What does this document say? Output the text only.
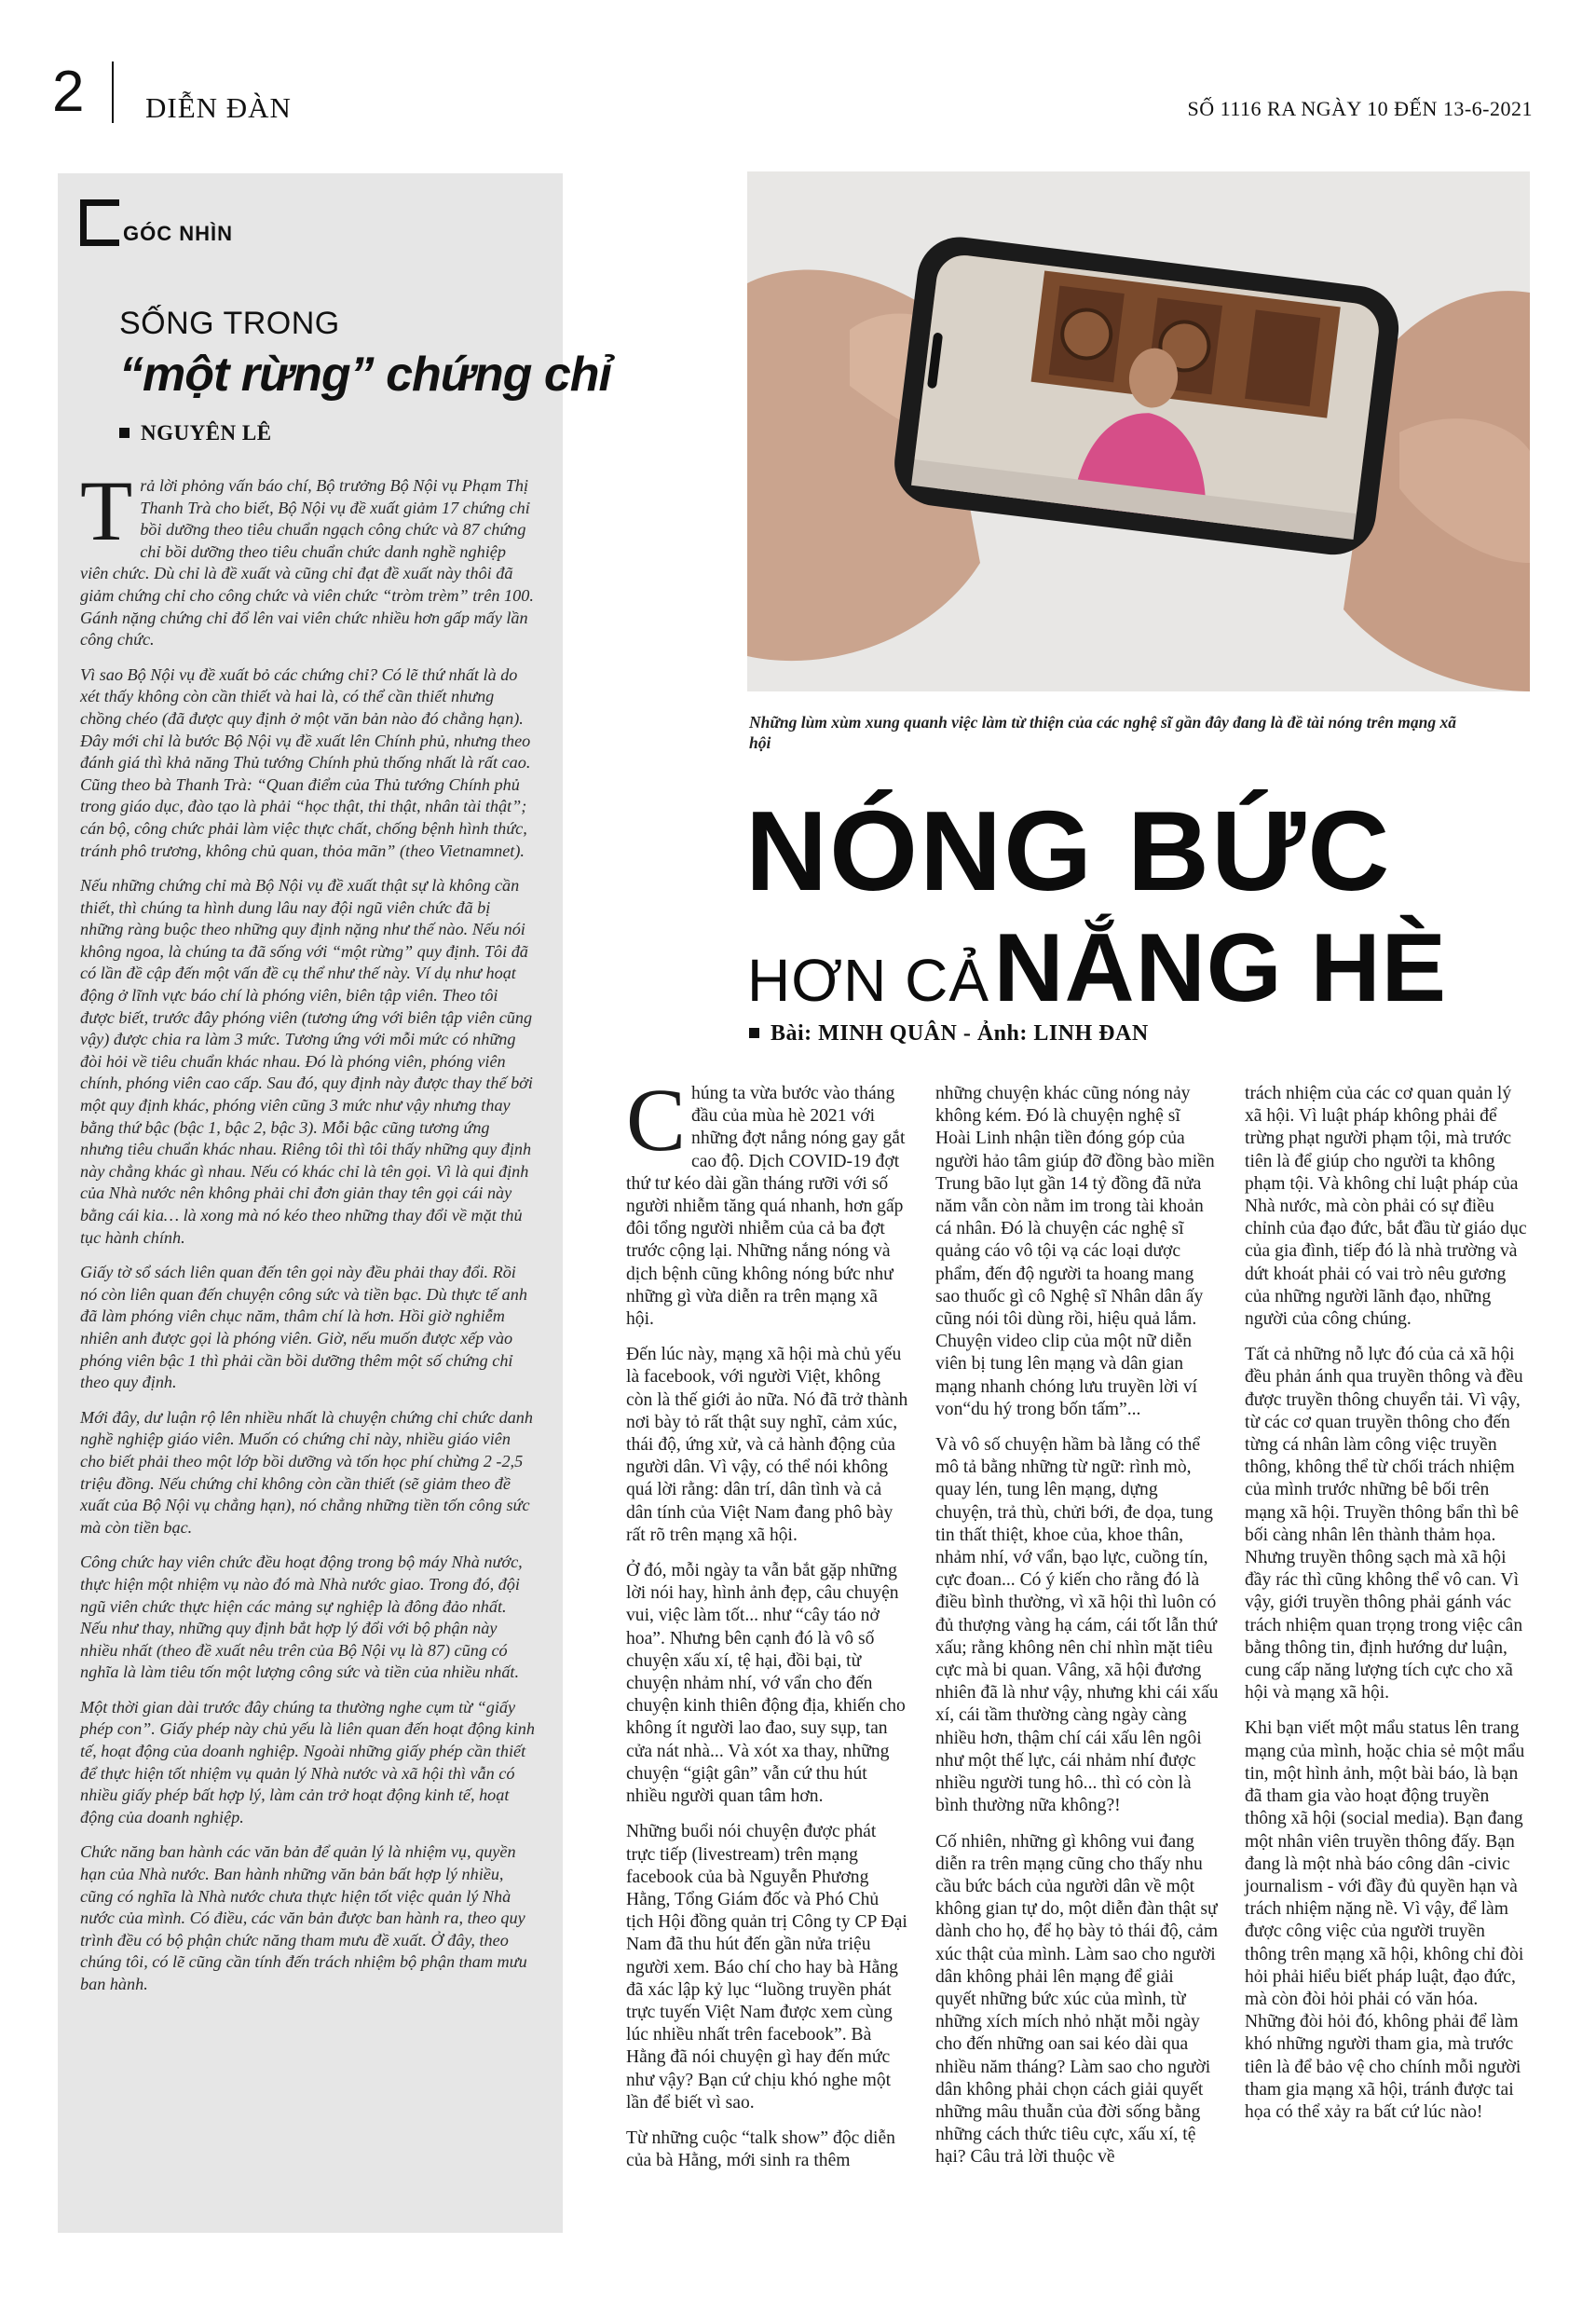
2 DIỄN ĐÀN	SỐ 1116 RA NGÀY 10 ĐẾN 13-6-2021
GÓC NHÌN
SỐNG TRONG
“một rừng” chứng chỉ
NGUYÊN LÊ

Trả lời phỏng vấn báo chí, Bộ trưởng Bộ Nội vụ Phạm Thị Thanh Trà cho biết, Bộ Nội vụ đề xuất giảm 17 chứng chỉ bồi dưỡng theo tiêu chuẩn ngạch công chức và 87 chứng chỉ bồi dưỡng theo tiêu chuẩn chức danh nghề nghiệp viên chức. Dù chỉ là đề xuất và cũng chỉ đạt đề xuất này thôi đã giảm chứng chỉ cho công chức và viên chức “tròm trèm” trên 100. Gánh nặng chứng chỉ đổ lên vai viên chức nhiều hơn gấp mấy lần công chức.

Vì sao Bộ Nội vụ đề xuất bỏ các chứng chỉ? Có lẽ thứ nhất là do xét thấy không còn cần thiết và hai là, có thể cần thiết nhưng chồng chéo (đã được quy định ở một văn bản nào đó chẳng hạn). Đây mới chỉ là bước Bộ Nội vụ đề xuất lên Chính phủ, nhưng theo đánh giá thì khả năng Thủ tướng Chính phủ thống nhất là rất cao. Cũng theo bà Thanh Trà: “Quan điểm của Thủ tướng Chính phủ trong giáo dục, đào tạo là phải “học thật, thi thật, nhân tài thật”; cán bộ, công chức phải làm việc thực chất, chống bệnh hình thức, tránh phô trương, không chủ quan, thỏa mãn” (theo Vietnamnet).

Nếu những chứng chỉ mà Bộ Nội vụ đề xuất thật sự là không cần thiết, thì chúng ta hình dung lâu nay đội ngũ viên chức đã bị những ràng buộc theo những quy định nặng như thế nào. Nếu nói không ngoa, là chúng ta đã sống với “một rừng” quy định. Tôi đã có lần đề cập đến một vấn đề cụ thể như thế này. Ví dụ như hoạt động ở lĩnh vực báo chí là phóng viên, biên tập viên. Theo tôi được biết, trước đây phóng viên (tương ứng với biên tập viên cũng vậy) được chia ra làm 3 mức. Tương ứng với mỗi mức có những đòi hỏi về tiêu chuẩn khác nhau. Đó là phóng viên, phóng viên chính, phóng viên cao cấp. Sau đó, quy định này được thay thế bởi một quy định khác, phóng viên cũng 3 mức như vậy nhưng thay bằng thứ bậc (bậc 1, bậc 2, bậc 3). Mỗi bậc cũng tương ứng nhưng tiêu chuẩn khác nhau. Riêng tôi thì tôi thấy những quy định này chẳng khác gì nhau. Nếu có khác chỉ là tên gọi. Vì là qui định của Nhà nước nên không phải chỉ đơn giản thay tên gọi cái này bằng cái kia… là xong mà nó kéo theo những thay đổi về mặt thủ tục hành chính.

Giấy tờ sổ sách liên quan đến tên gọi này đều phải thay đổi. Rồi nó còn liên quan đến chuyện công sức và tiền bạc. Dù thực tế anh đã làm phóng viên chục năm, thâm chí là hơn. Hồi giờ nghiễm nhiên anh được gọi là phóng viên. Giờ, nếu muốn được xếp vào phóng viên bậc 1 thì phải cần bồi dưỡng thêm một số chứng chỉ theo quy định.

Mới đây, dư luận rộ lên nhiều nhất là chuyện chứng chỉ chức danh nghề nghiệp giáo viên. Muốn có chứng chỉ này, nhiều giáo viên cho biết phải theo một lớp bồi dưỡng và tốn học phí chừng 2 -2,5 triệu đồng. Nếu chứng chỉ không còn cần thiết (sẽ giảm theo đề xuất của Bộ Nội vụ chẳng hạn), nó chẳng những tiền tốn công sức mà còn tiền bạc.

Công chức hay viên chức đều hoạt động trong bộ máy Nhà nước, thực hiện một nhiệm vụ nào đó mà Nhà nước giao. Trong đó, đội ngũ viên chức thực hiện các mảng sự nghiệp là đông đảo nhất. Nếu như thay, những quy định bắt hợp lý đổi với bộ phận này nhiều nhất (theo đề xuất nêu trên của Bộ Nội vụ là 87) cũng có nghĩa là làm tiêu tốn một lượng công sức và tiền của nhiều nhất.

Một thời gian dài trước đây chúng ta thường nghe cụm từ “giấy phép con”. Giấy phép này chủ yếu là liên quan đến hoạt động kinh tế, hoạt động của doanh nghiệp. Ngoài những giấy phép cần thiết để thực hiện tốt nhiệm vụ quản lý Nhà nước và xã hội thì vẫn có nhiều giấy phép bất hợp lý, làm cản trở hoạt động kinh tế, hoạt động của doanh nghiệp.

Chức năng ban hành các văn bản để quản lý là nhiệm vụ, quyền hạn của Nhà nước. Ban hành những văn bản bất hợp lý nhiều, cũng có nghĩa là Nhà nước chưa thực hiện tốt việc quản lý Nhà nước của mình. Có điều, các văn bản được ban hành ra, theo quy trình đều có bộ phận chức năng tham mưu đề xuất. Ở đây, theo chúng tôi, có lẽ cũng cần tính đến trách nhiệm bộ phận tham mưu ban hành.

Những lùm xùm xung quanh việc làm từ thiện của các nghệ sĩ gần đây đang là đề tài nóng trên mạng xã hội
NÓNG BỨC
HƠN CẢ NẮNG HÈ
Bài: MINH QUÂN - Ảnh: LINH ĐAN

Chúng ta vừa bước vào tháng đầu của mùa hè 2021 với những đợt nắng nóng gay gắt cao độ. Dịch COVID-19 đợt thứ tư kéo dài gần tháng rưỡi với số người nhiễm tăng quá nhanh, hơn gấp đôi tổng người nhiễm của cả ba đợt trước cộng lại. Những nắng nóng và dịch bệnh cũng không nóng bức như những gì vừa diễn ra trên mạng xã hội.

Đến lúc này, mạng xã hội mà chủ yếu là facebook, với người Việt, không còn là thế giới ảo nữa. Nó đã trở thành nơi bày tỏ rất thật suy nghĩ, cảm xúc, thái độ, ứng xử, và cả hành động của người dân. Vì vậy, có thể nói không quá lời rằng: dân trí, dân tình và cả dân tính của Việt Nam đang phô bày rất rõ trên mạng xã hội.

Ở đó, mỗi ngày ta vẫn bắt gặp những lời nói hay, hình ảnh đẹp, câu chuyện vui, việc làm tốt... như “cây táo nở hoa”. Nhưng bên cạnh đó là vô số chuyện xấu xí, tệ hại, đồi bại, từ chuyện nhảm nhí, vớ vẩn cho đến chuyện kinh thiên động địa, khiến cho không ít người lao đao, suy sụp, tan cửa nát nhà... Và xót xa thay, những chuyện “giật gân” vẫn cứ thu hút nhiều người quan tâm hơn.

Những buổi nói chuyện được phát trực tiếp (livestream) trên mạng facebook của bà Nguyễn Phương Hằng, Tổng Giám đốc và Phó Chủ tịch Hội đồng quản trị Công ty CP Đại Nam đã thu hút đến gần nửa triệu người xem. Báo chí cho hay bà Hằng đã xác lập kỷ lục “luồng truyền phát trực tuyến Việt Nam được xem cùng lúc nhiều nhất trên facebook”. Bà Hằng đã nói chuyện gì hay đến mức như vậy? Bạn cứ chịu khó nghe một lần để biết vì sao.

Từ những cuộc “talk show” độc diễn của bà Hằng, mới sinh ra thêm

những chuyện khác cũng nóng nảy không kém. Đó là chuyện nghệ sĩ Hoài Linh nhận tiền đóng góp của người hảo tâm giúp đỡ đồng bào miền Trung bão lụt gần 14 tỷ đồng đã nửa năm vẫn còn nằm im trong tài khoản cá nhân. Đó là chuyện các nghệ sĩ quảng cáo vô tội vạ các loại dược phẩm, đến độ người ta hoang mang sao thuốc gì cô Nghệ sĩ Nhân dân ấy cũng nói tôi dùng rồi, hiệu quả lắm. Chuyện video clip của một nữ diễn viên bị tung lên mạng và dân gian mạng nhanh chóng lưu truyền lời ví von“du hý trong bốn tấm”...

Và vô số chuyện hầm bà lằng có thể mô tả bằng những từ ngữ: rình mò, quay lén, tung lên mạng, dựng chuyện, trả thù, chửi bới, đe dọa, tung tin thất thiệt, khoe của, khoe thân, nhảm nhí, vớ vẩn, bạo lực, cuồng tín, cực đoan... Có ý kiến cho rằng đó là điều bình thường, vì xã hội thì luôn có đủ thượng vàng hạ cám, cái tốt lẫn thứ xấu; rằng không nên chỉ nhìn mặt tiêu cực mà bi quan. Vâng, xã hội đương nhiên đã là như vậy, nhưng khi cái xấu xí, cái tầm thường càng ngày càng nhiều hơn, thậm chí cái xấu lên ngôi như một thế lực, cái nhảm nhí được nhiều người tung hô... thì có còn là bình thường nữa không?!

Cố nhiên, những gì không vui đang diễn ra trên mạng cũng cho thấy nhu cầu bức bách của người dân về một không gian tự do, một diễn đàn thật sự dành cho họ, để họ bày tỏ thái độ, cảm xúc thật của mình. Làm sao cho người dân không phải lên mạng để giải quyết những bức xúc của mình, từ những xích mích nhỏ nhặt mỗi ngày cho đến những oan sai kéo dài qua nhiều năm tháng? Làm sao cho người dân không phải chọn cách giải quyết những mâu thuẫn của đời sống bằng những cách thức tiêu cực, xấu xí, tệ hại? Câu trả lời thuộc về

trách nhiệm của các cơ quan quản lý xã hội. Vì luật pháp không phải để trừng phạt người phạm tội, mà trước tiên là để giúp cho người ta không phạm tội. Và không chỉ luật pháp của Nhà nước, mà còn phải có sự điều chỉnh của đạo đức, bắt đầu từ giáo dục của gia đình, tiếp đó là nhà trường và dứt khoát phải có vai trò nêu gương của những người lãnh đạo, những người của công chúng.

Tất cả những nỗ lực đó của cả xã hội đều phản ánh qua truyền thông và đều được truyền thông chuyển tải. Vì vậy, từ các cơ quan truyền thông cho đến từng cá nhân làm công việc truyền thông, không thể từ chối trách nhiệm của mình trước những bê bối trên mạng xã hội. Truyền thông bẩn thì bê bối càng nhân lên thành thảm họa. Nhưng truyền thông sạch mà xã hội đầy rác thì cũng không thể vô can. Vì vậy, giới truyền thông phải gánh vác trách nhiệm quan trọng trong việc cân bằng thông tin, định hướng dư luận, cung cấp năng lượng tích cực cho xã hội và mạng xã hội.

Khi bạn viết một mẩu status lên trang mạng của mình, hoặc chia sẻ một mẩu tin, một hình ảnh, một bài báo, là bạn đã tham gia vào hoạt động truyền thông xã hội (social media). Bạn đang một nhân viên truyền thông đấy. Bạn đang là một nhà báo công dân -civic journalism - với đầy đủ quyền hạn và trách nhiệm nặng nề. Vì vậy, để làm được công việc của người truyền thông trên mạng xã hội, không chỉ đòi hỏi phải hiểu biết pháp luật, đạo đức, mà còn đòi hỏi phải có văn hóa. Những đòi hỏi đó, không phải để làm khó những người tham gia, mà trước tiên là để bảo vệ cho chính mỗi người tham gia mạng xã hội, tránh được tai họa có thể xảy ra bất cứ lúc nào!
